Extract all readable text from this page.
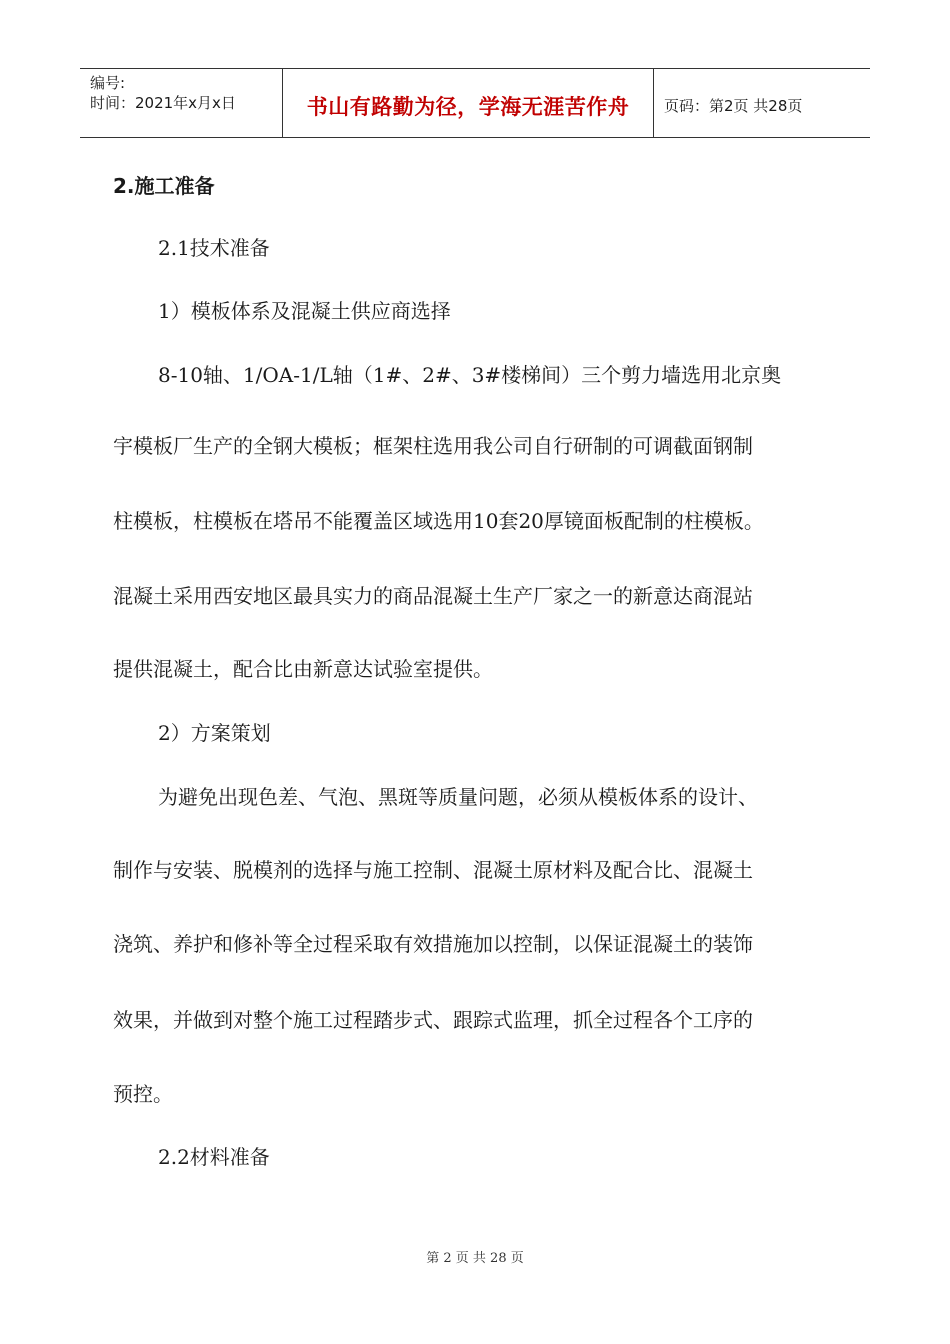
编号:
时间：2021年x月x日	书山有路勤为径，学海无涯苦作舟 页码：第2页 共28页
2.施工准备
2.1技术准备
1）模板体系及混凝土供应商选择
8-10轴、1/OA-1/L轴（1#、2#、3#楼梯间）三个剪力墙选用北京奥
宇模板厂生产的全钢大模板；框架柱选用我公司自行研制的可调截面钢制
柱模板，柱模板在塔吊不能覆盖区域选用10套20厚镜面板配制的柱模板。
混凝土采用西安地区最具实力的商品混凝土生产厂家之一的新意达商混站
提供混凝土，配合比由新意达试验室提供。
2）方案策划
为避免出现色差、气泡、黑斑等质量问题，必须从模板体系的设计、
制作与安装、脱模剂的选择与施工控制、混凝土原材料及配合比、混凝土
浇筑、养护和修补等全过程采取有效措施加以控制，以保证混凝土的装饰
效果，并做到对整个施工过程踏步式、跟踪式监理，抓全过程各个工序的
预控。
2.2材料准备
第 2 页 共 28 页
